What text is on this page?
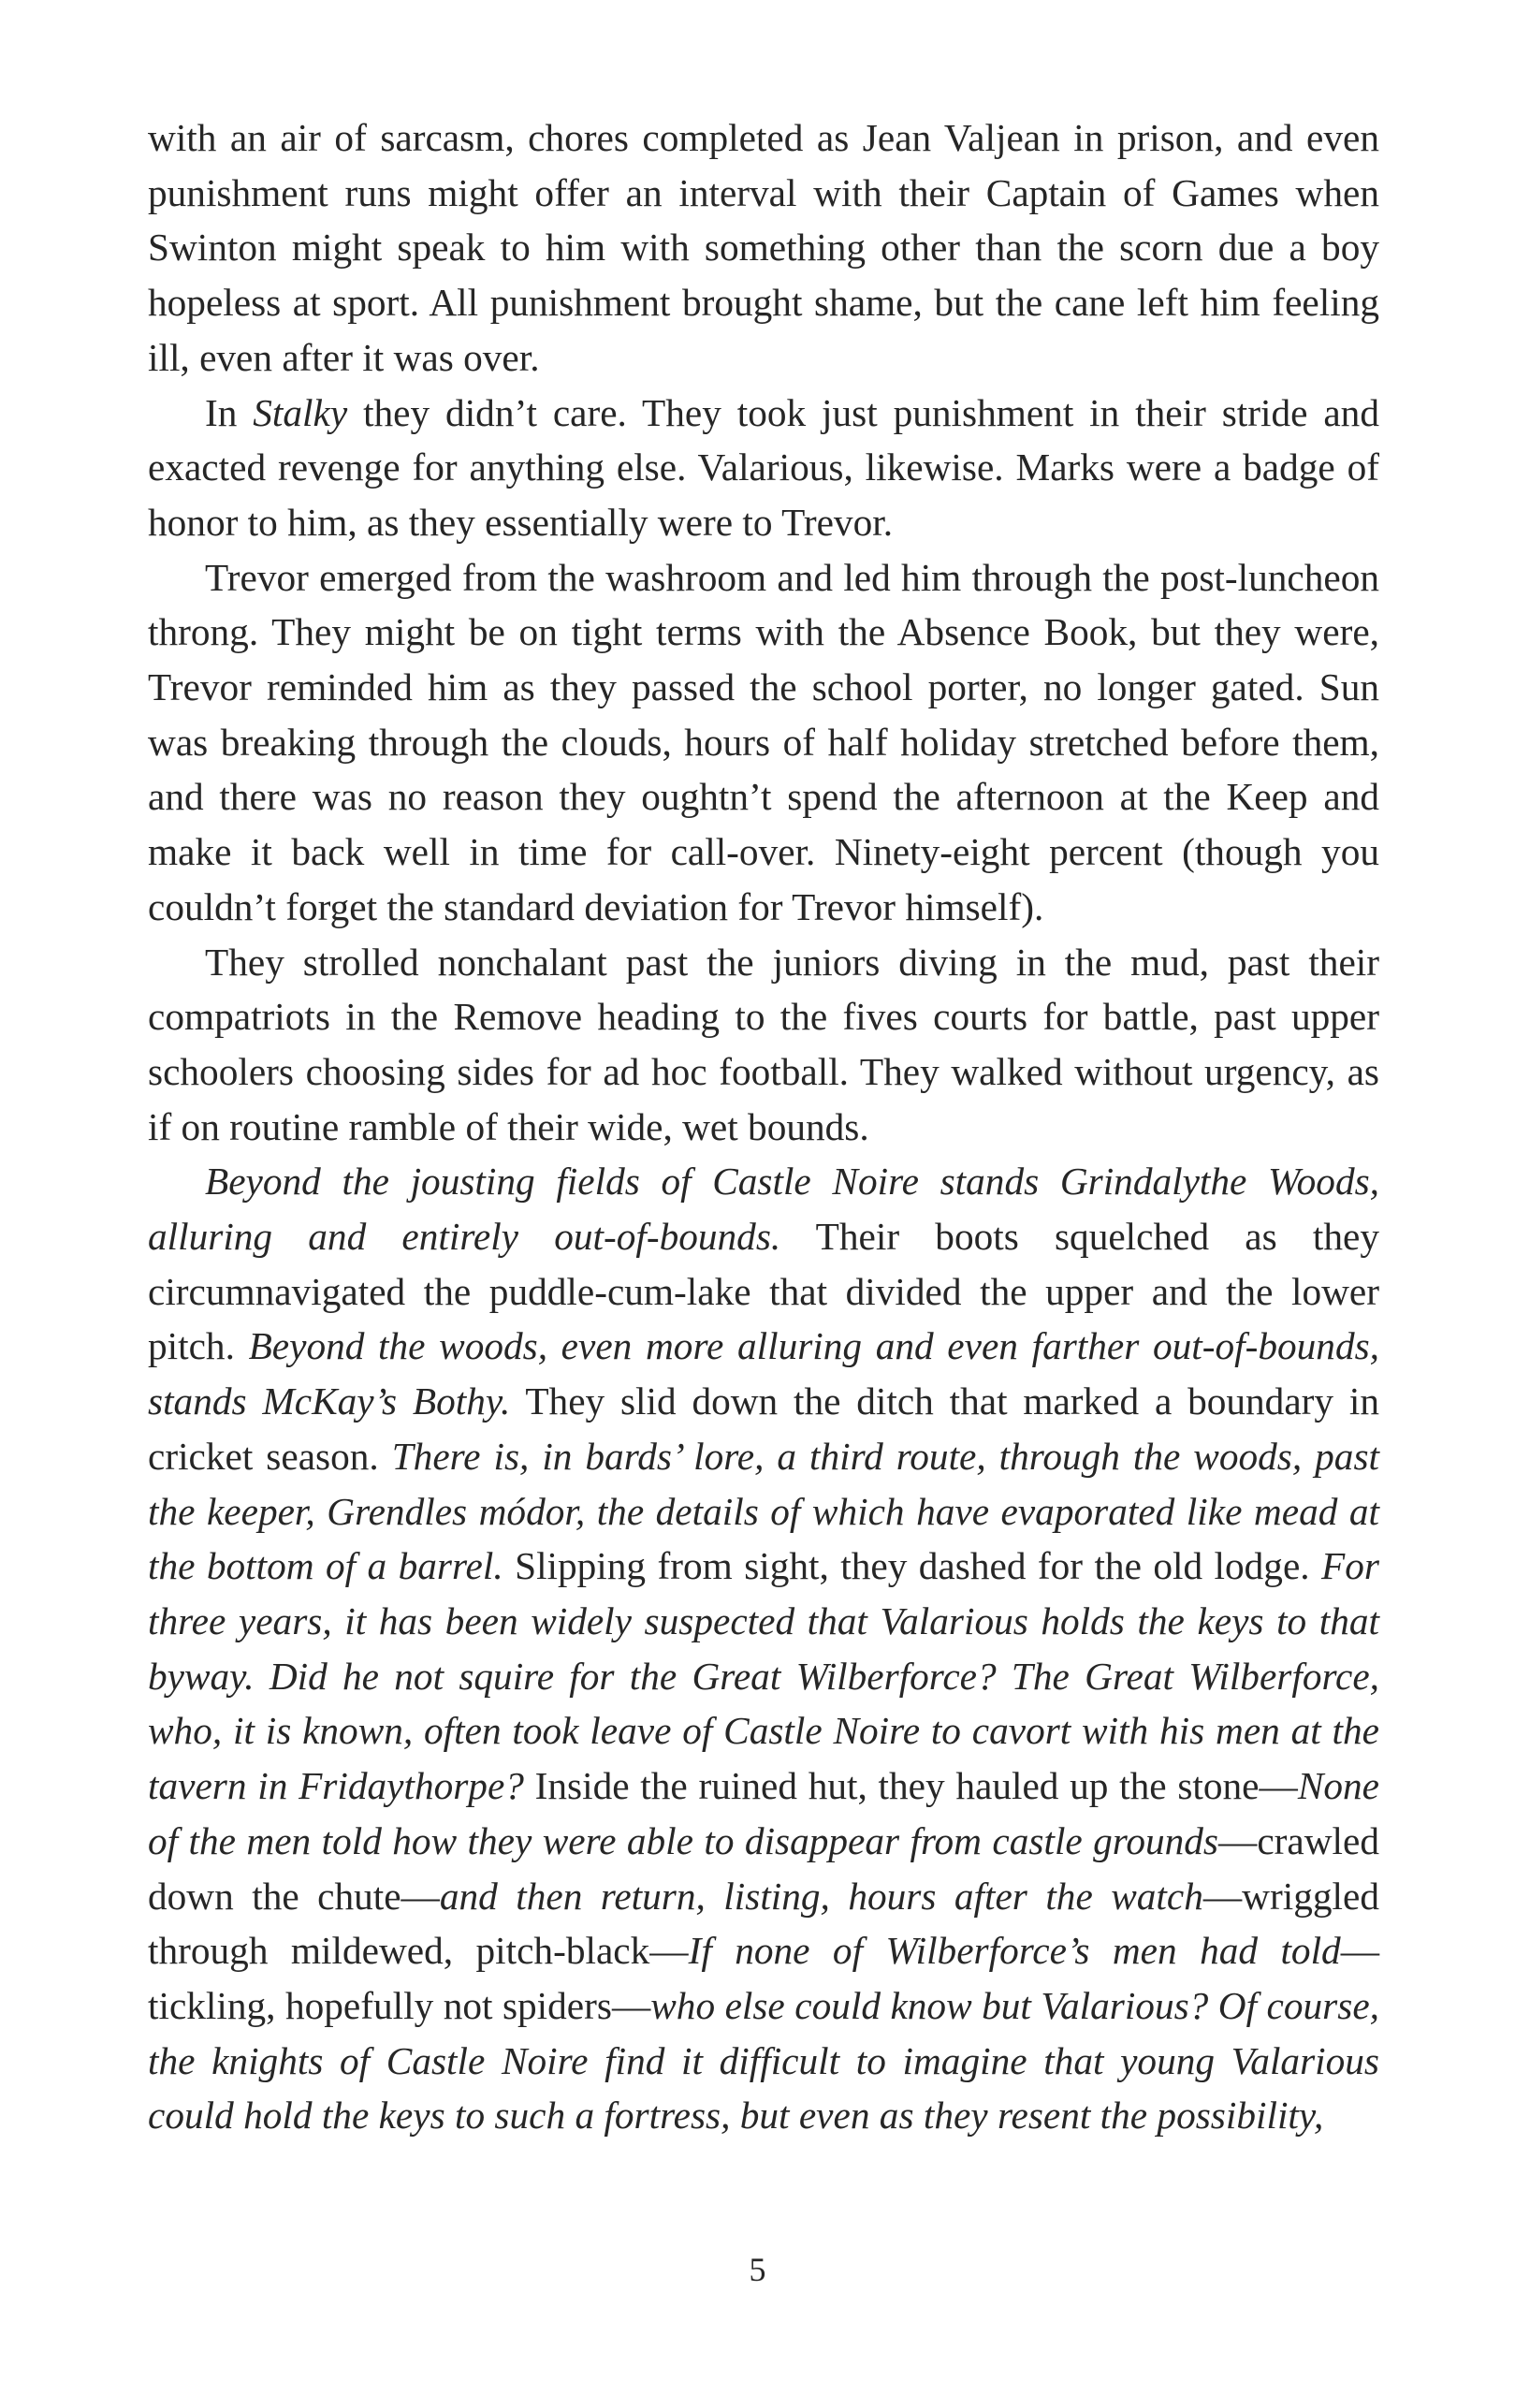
with an air of sarcasm, chores completed as Jean Valjean in prison, and even punishment runs might offer an interval with their Captain of Games when Swinton might speak to him with something other than the scorn due a boy hopeless at sport. All punishment brought shame, but the cane left him feeling ill, even after it was over.

In Stalky they didn’t care. They took just punishment in their stride and exacted revenge for anything else. Valarious, likewise. Marks were a badge of honor to him, as they essentially were to Trevor.

Trevor emerged from the washroom and led him through the post-luncheon throng. They might be on tight terms with the Absence Book, but they were, Trevor reminded him as they passed the school porter, no longer gated. Sun was breaking through the clouds, hours of half holiday stretched before them, and there was no reason they oughtn’t spend the afternoon at the Keep and make it back well in time for call-over. Ninety-eight percent (though you couldn’t forget the standard deviation for Trevor himself).

They strolled nonchalant past the juniors diving in the mud, past their compatriots in the Remove heading to the fives courts for battle, past upper schoolers choosing sides for ad hoc football. They walked without urgency, as if on routine ramble of their wide, wet bounds.

Beyond the jousting fields of Castle Noire stands Grindalythe Woods, alluring and entirely out-of-bounds. Their boots squelched as they circumnavigated the puddle-cum-lake that divided the upper and the lower pitch. Beyond the woods, even more alluring and even farther out-of-bounds, stands McKay’s Bothy. They slid down the ditch that marked a boundary in cricket season. There is, in bards’ lore, a third route, through the woods, past the keeper, Grendles módor, the details of which have evaporated like mead at the bottom of a barrel. Slipping from sight, they dashed for the old lodge. For three years, it has been widely suspected that Valarious holds the keys to that byway. Did he not squire for the Great Wilberforce? The Great Wilberforce, who, it is known, often took leave of Castle Noire to cavort with his men at the tavern in Fridaythorpe? Inside the ruined hut, they hauled up the stone—None of the men told how they were able to disappear from castle grounds—crawled down the chute—and then return, listing, hours after the watch—wriggled through mildewed, pitch-black—If none of Wilberforce’s men had told—tickling, hopefully not spiders—who else could know but Valarious? Of course, the knights of Castle Noire find it difficult to imagine that young Valarious could hold the keys to such a fortress, but even as they resent the possibility,

5
